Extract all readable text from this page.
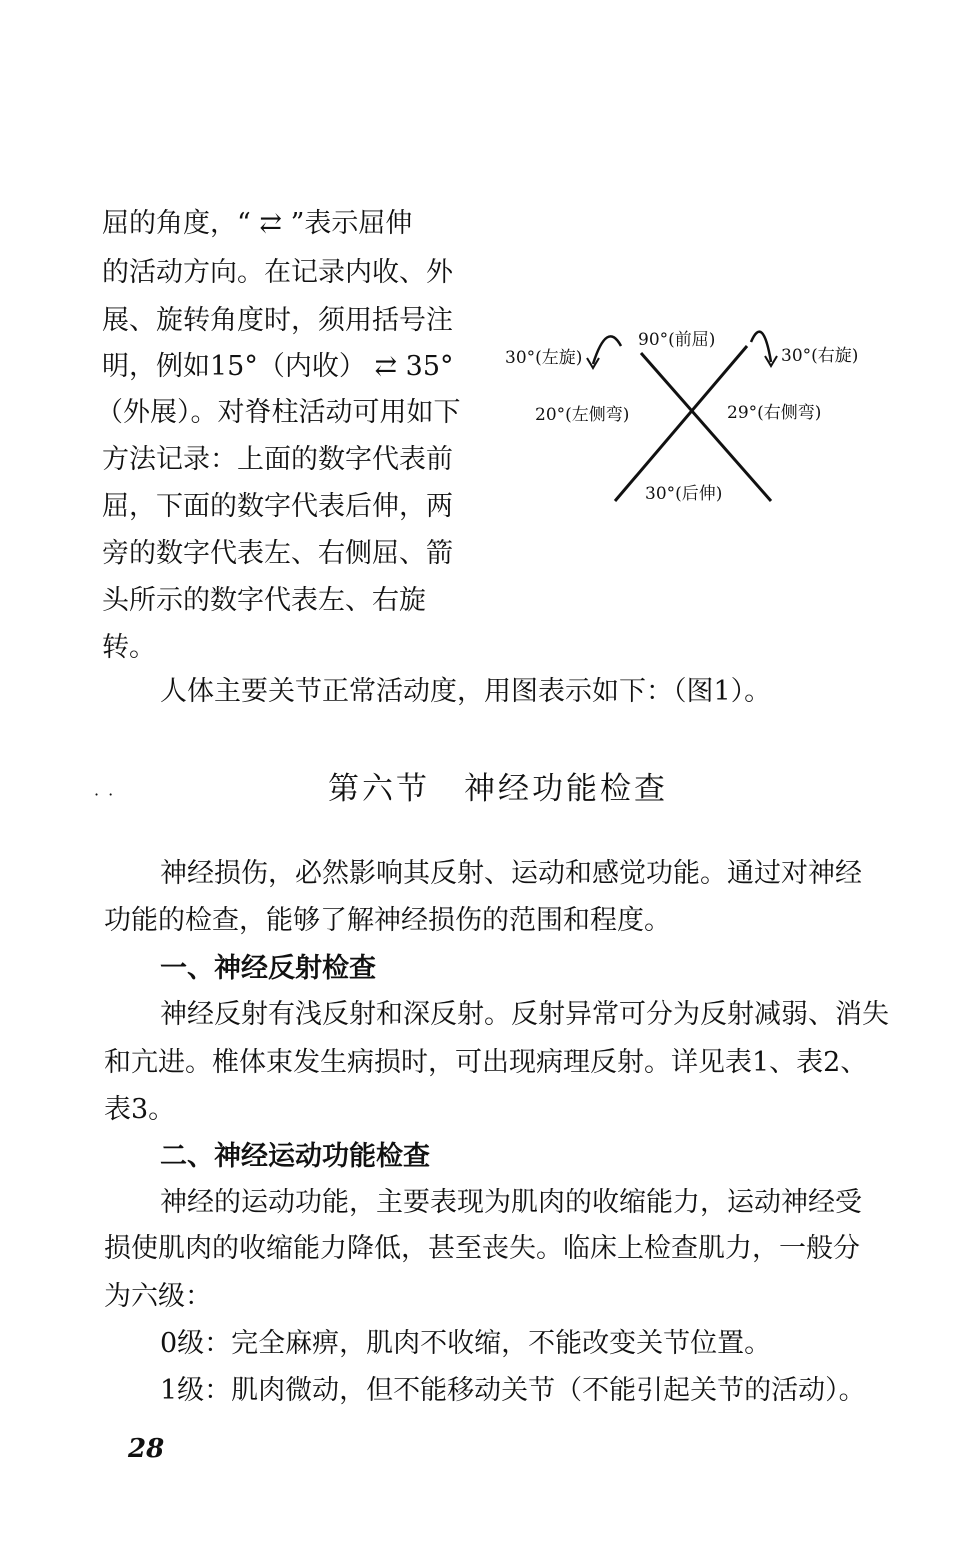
屈的角度，“ ⇄ ”表示屈伸
的活动方向。在记录内收、外
展、旋转角度时，须用括号注
明，例如15°（内收） ⇄ 35°
（外展）。对脊柱活动可用如下
方法记录：上面的数字代表前
屈，下面的数字代表后伸，两
旁的数字代表左、右侧屈、箭
头所示的数字代表左、右旋
转。
90°(前屈)
30°(左旋)	30°(右旋)
20°(左侧弯)	29°(右侧弯)
30°(后伸)
人体主要关节正常活动度，用图表示如下：（图1）。
· ·	第六节　神经功能检查
神经损伤，必然影响其反射、运动和感觉功能。通过对神经
功能的检查，能够了解神经损伤的范围和程度。
一、神经反射检查
神经反射有浅反射和深反射。反射异常可分为反射减弱、消失
和亢进。椎体束发生病损时，可出现病理反射。详见表1、表2、
表3。
二、神经运动功能检查
神经的运动功能，主要表现为肌肉的收缩能力，运动神经受
损使肌肉的收缩能力降低，甚至丧失。临床上检查肌力，一般分
为六级：
0级：完全麻痹，肌肉不收缩，不能改变关节位置。
1级：肌肉微动，但不能移动关节（不能引起关节的活动）。
28
